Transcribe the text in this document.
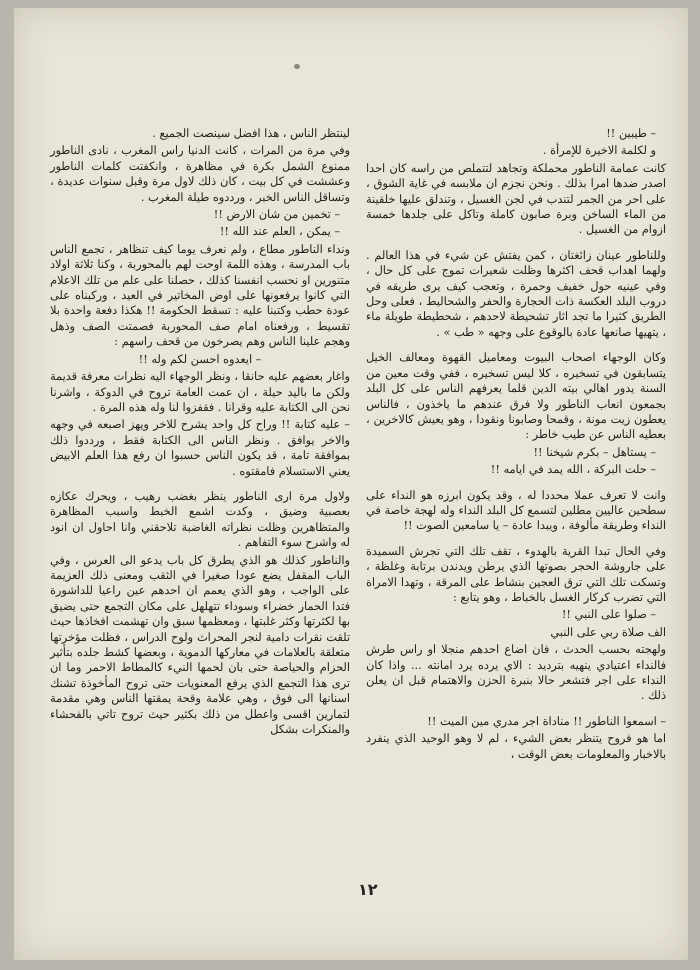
– طيبين !!

و لكلمة الاخيرة للإمرأة .

كانت عمامة الناطور محملكة وتجاهد لتتملص من راسه كان احدا اصدر ضدها امرا بذلك . ونحن نجزم ان ملابسه في غاية الشوق ، على احر من الجمر لتندب في لجن الغسيل ، وتندلق عليها خلقينة من الماء الساخن وبرة صابون كاملة وتاكل على جلدها خمسة ازوام من الغسيل .

وللناطور عينان زائغتان ، كمن يفتش عن شيء في هذا العالم . ولهما اهداب قحف اكثرها وظلت شعيرات تموج على كل حال ، وفي عينيه حول خفيف وحمرة ، وتعجب كيف يرى طريقه في دروب البلد العكسة ذات الحجارة والحفر والشحاليط ، فعلى وحل الطريق كثيرا ما تجد اثار تشحيطة لاحدهم ، شحطيطة طويلة ماء ، يتهيها صانعها عادة بالوقوع على وجهه « طب » .

وكان الوجهاء اصحاب البيوت ومعاميل القهوة ومعالف الخيل يتسابقون في تسخيره ، كلا ليس تسخيره ، ففي وقت معين من السنة يدور اهالي بيته الدين قلما يعرفهم الناس على كل البلد بجمعون انعاب الناطور ولا فرق عندهم ما ياخذون ، فالناس يعطون زيت مونة ، وقمحا وصابونا ونقودا ، وهو يعيش كالاخرين ، بعطيه الناس عن طيب خاطر :

– يستاهل – بكرم شيخنا !!

– حلت البركة ، الله يمد في ايامه !!

وانت لا تعرف عملا محددا له ، وقد يكون ابرزه هو النداء على سطحين عاليين مطلين لتسمع كل البلد النداء وله لهجة خاصة في النداء وطريقة مألوفة ، ويبدا عادة – يا سامعين الصوت !!

وفي الحال تبدا القرية بالهدوء ، تقف تلك التي تجرش السميدة على جاروشة الحجر بصوتها الذي يرطن ويدندن برتابة وغلظة ، وتسكت تلك التي ترق العجين بنشاط على المرقة ، وتهدا الامراة التي تضرب كركار الغسل بالخباط ، وهو يتابع :

– صلوا على النبي !!

الف صلاة ربي على النبي

ولهجته بحسب الحدث ، فان اضاع احدهم منجلا او راس طرش فالنداء اعتيادي ينهيه بترديد : الاي يرده يرد امانته ... واذا كان النداء على اجر فتشعر حالا بنبرة الحزن والاهتمام قبل ان يعلن ذلك .

– اسمعوا الناطور !! مناداة اجر مدري مين الميت !!

اما هو فروح يتنظر بعض الشيء ، لم لا وهو الوحيد الذي ينفرد بالاخبار والمعلومات بعض الوقت ،

لينتظر الناس ، هذا افضل سينصت الجميع .

وفي مرة من المرات ، كانت الدنيا راس المغرب ، نادى الناطور ممنوع الشمل بكرة في مظاهرة ، وانكفتت كلمات الناطور وعششت في كل بيت ، كان ذلك لاول مرة وقبل سنوات عديدة ، وتساقل الناس الخبر ، ورددوه طيلة المغرب .

– تخمين من شان الارض !!

– يمكن ، العلم عند الله !!

ونداء الناطور مطاع ، ولم نعرف يوما كيف تنظاهر ، تجمع الناس باب المدرسة ، وهذه اللمة اوحت لهم بالمحوربة ، وكنا ثلاثة اولاد متنورين او نحسب انفسنا كذلك ، حصلنا على علم من تلك الاعلام التي كانوا يرفعونها على اوض المخاتير في العيد ، وركبناه على عودة حطب وكتبنا عليه : تسقط الحكومة !! هكذا دفعة واحدة بلا تقسيط ، ورفعناه امام صف المحوربة فصمتت الصف وذهل وهجم علينا الناس وهم يصرخون من قحف راسهم :

– ايعدوه احسن لكم وله !!

واغار بعضهم عليه حانقا ، ونظر الوجهاء اليه نظرات معرفة قديمة ولكن ما باليد حيلة ، ان عمت العامة تروح في الدوكة ، واشرنا نحن الى الكتابة عليه وقرانا . فقفزوا لنا وله هذه المرة .

– عليه كتابة !! وراح كل واحد يشرح للاخر ويهز اصبعه في وجهه والاخر يوافق . ونظر الناس الى الكتابة فقط ، ورددوا ذلك بموافقة تامة ، قد يكون الناس حسبوا ان رفع هذا العلم الابيض يعني الاستسلام فامقتوه .

ولاول مرة ارى الناطور ينظر بغضب رهيب ، ويحرك عكازه بعصبية وضيق ، وكدت اشمع الخبط واسبب المظاهرة والمتظاهرين وظلت نظراته الغاضبة تلاحقني وانا احاول ان انود له واشرح سوء التفاهم .

والناطور كذلك هو الذي يطرق كل باب يدعو الى العرس ، وفي الباب المقفل يضع عودا صغيرا في الثقب ومعنى ذلك العزيمة على الواجب ، وهو الذي يعمم ان احدهم عين راعيا للداشورة فتدا الحمار خضراء وسوداء تتهلهل على مكان التجمع حتى يضيق بها لكثرتها وكثر غلبتها ، ومعظمها سبق وان تهشمت افخاذها حيث تلقت نقرات دامية لنجر المحراث ولوح الدراس ، فظلت مؤخرتها متعلقة بالعلامات في معاركها الدموية ، وبعضها كشط جلده بتأثير الحزام والحياصة حتى بان لحمها النيء كالمطاط الاحمر وما ان ترى هذا التجمع الذي يرفع المعنويات حتى تروح المأخوذة تشنك اسنانها الى فوق ، وهي علامة وقحة يمقتها الناس وهي مقدمة لتمارين اقسى واعطل من ذلك بكثير حيث تروح تاتي بالفحشاء والمنكرات بشكل

١٢
